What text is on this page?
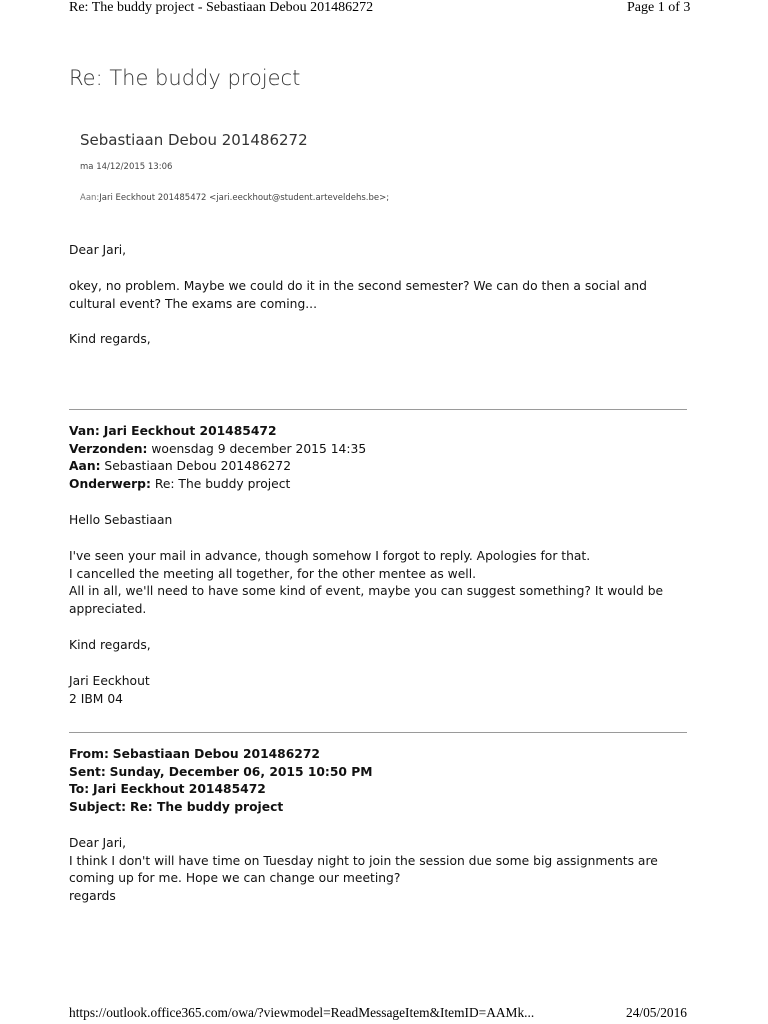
Re: The buddy project - Sebastiaan Debou 201486272	Page 1 of 3
Re: The buddy project
Sebastiaan Debou 201486272
ma 14/12/2015 13:06
Aan:Jari Eeckhout 201485472 <jari.eeckhout@student.arteveldehs.be>;

Dear Jari,

okey, no problem. Maybe we could do it in the second semester? We can do then a social and

cultural event? The exams are coming...

Kind regards,

Van: Jari Eeckhout 201485472
Verzonden: woensdag 9 december 2015 14:35
Aan: Sebastiaan Debou 201486272
Onderwerp: Re: The buddy project

Hello Sebastiaan

I've seen your mail in advance, though somehow I forgot to reply. Apologies for that.

I cancelled the meeting all together, for the other mentee as well.

All in all, we'll need to have some kind of event, maybe you can suggest something? It would be

appreciated.

Kind regards,

Jari Eeckhout

2 IBM 04

From: Sebastiaan Debou 201486272
Sent: Sunday, December 06, 2015 10:50 PM
To: Jari Eeckhout 201485472
Subject: Re: The buddy project

Dear Jari,

I think I don't will have time on Tuesday night to join the session due some big assignments are

coming up for me. Hope we can change our meeting?

regards

https://outlook.office365.com/owa/?viewmodel=ReadMessageItem&ItemID=AAMk...	24/05/2016
